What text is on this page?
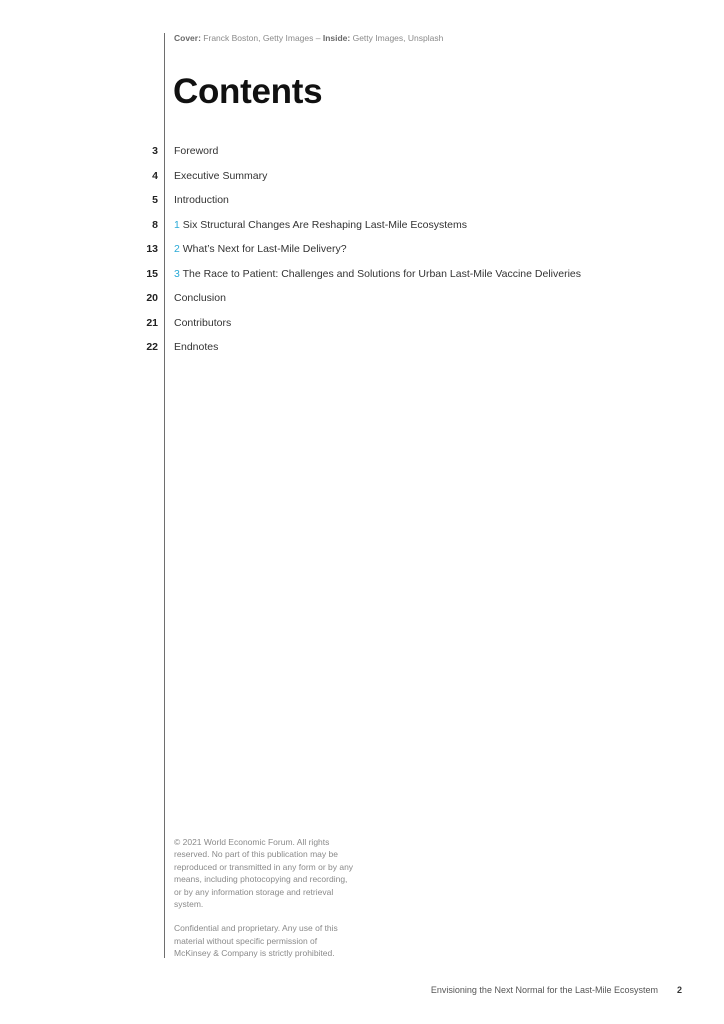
Cover: Franck Boston, Getty Images – Inside: Getty Images, Unsplash
Contents
3 Foreword
4 Executive Summary
5 Introduction
8 1 Six Structural Changes Are Reshaping Last-Mile Ecosystems
13 2 What’s Next for Last-Mile Delivery?
15 3 The Race to Patient: Challenges and Solutions for Urban Last-Mile Vaccine Deliveries
20 Conclusion
21 Contributors
22 Endnotes

© 2021 World Economic Forum. All rights reserved. No part of this publication may be reproduced or transmitted in any form or by any means, including photocopying and recording, or by any information storage and retrieval system.

Confidential and proprietary. Any use of this material without specific permission of McKinsey & Company is strictly prohibited.

Envisioning the Next Normal for the Last-Mile Ecosystem 2
